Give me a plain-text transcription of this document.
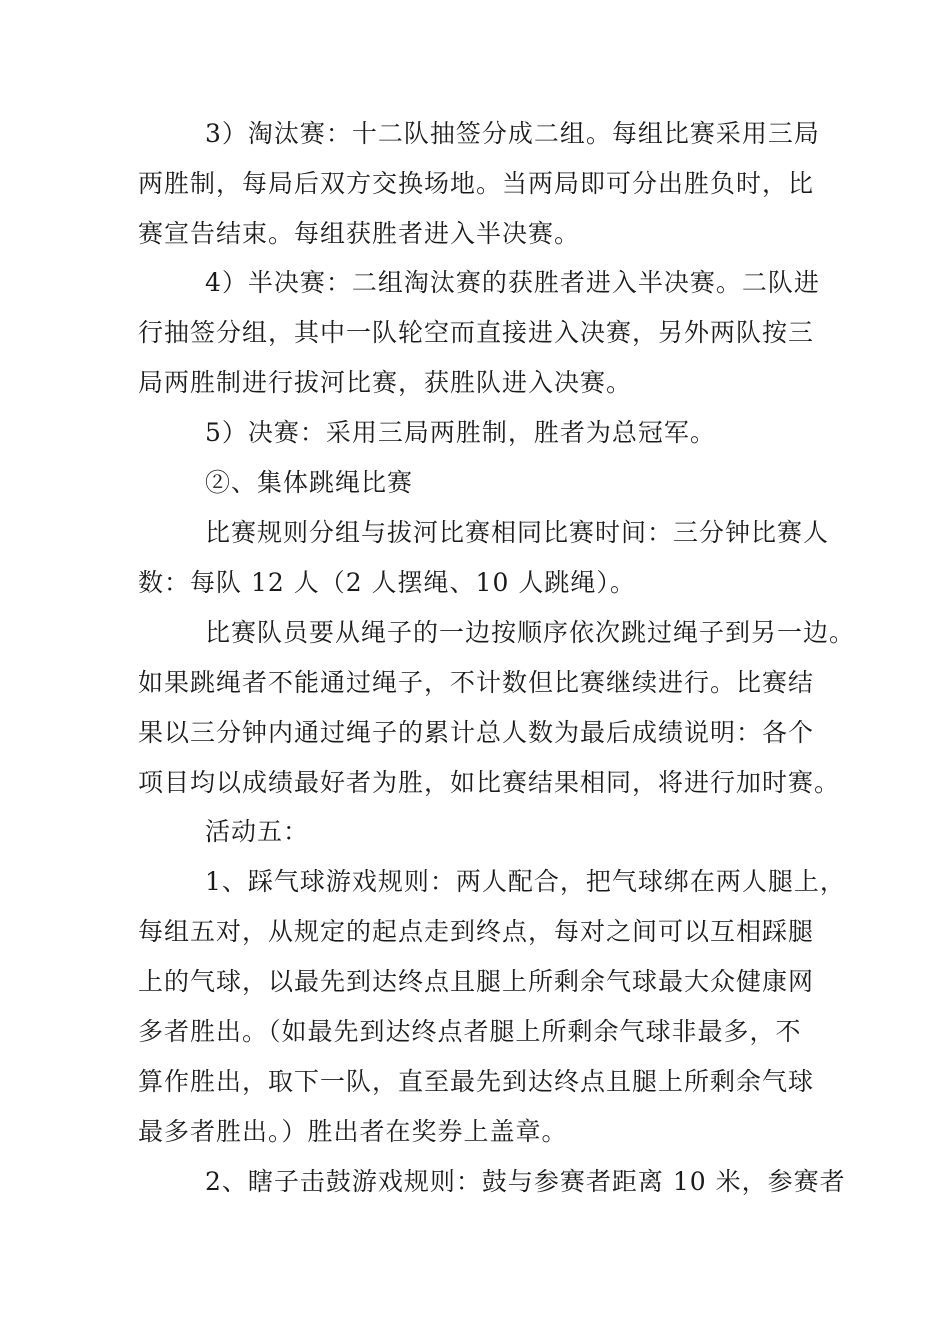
3）淘汰赛：十二队抽签分成二组。每组比赛采用三局
两胜制，每局后双方交换场地。当两局即可分出胜负时，比
赛宣告结束。每组获胜者进入半决赛。
4）半决赛：二组淘汰赛的获胜者进入半决赛。二队进
行抽签分组，其中一队轮空而直接进入决赛，另外两队按三
局两胜制进行拔河比赛，获胜队进入决赛。
5）决赛：采用三局两胜制，胜者为总冠军。
②、集体跳绳比赛
比赛规则分组与拔河比赛相同比赛时间：三分钟比赛人
数：每队 12 人（2 人摆绳、10 人跳绳）。
比赛队员要从绳子的一边按顺序依次跳过绳子到另一边。
如果跳绳者不能通过绳子，不计数但比赛继续进行。比赛结
果以三分钟内通过绳子的累计总人数为最后成绩说明：各个
项目均以成绩最好者为胜，如比赛结果相同，将进行加时赛。
活动五：
1、踩气球游戏规则：两人配合，把气球绑在两人腿上，
每组五对，从规定的起点走到终点，每对之间可以互相踩腿
上的气球，以最先到达终点且腿上所剩余气球最大众健康网
多者胜出。（如最先到达终点者腿上所剩余气球非最多，不
算作胜出，取下一队，直至最先到达终点且腿上所剩余气球
最多者胜出。）胜出者在奖券上盖章。
2、瞎子击鼓游戏规则：鼓与参赛者距离 10 米，参赛者
